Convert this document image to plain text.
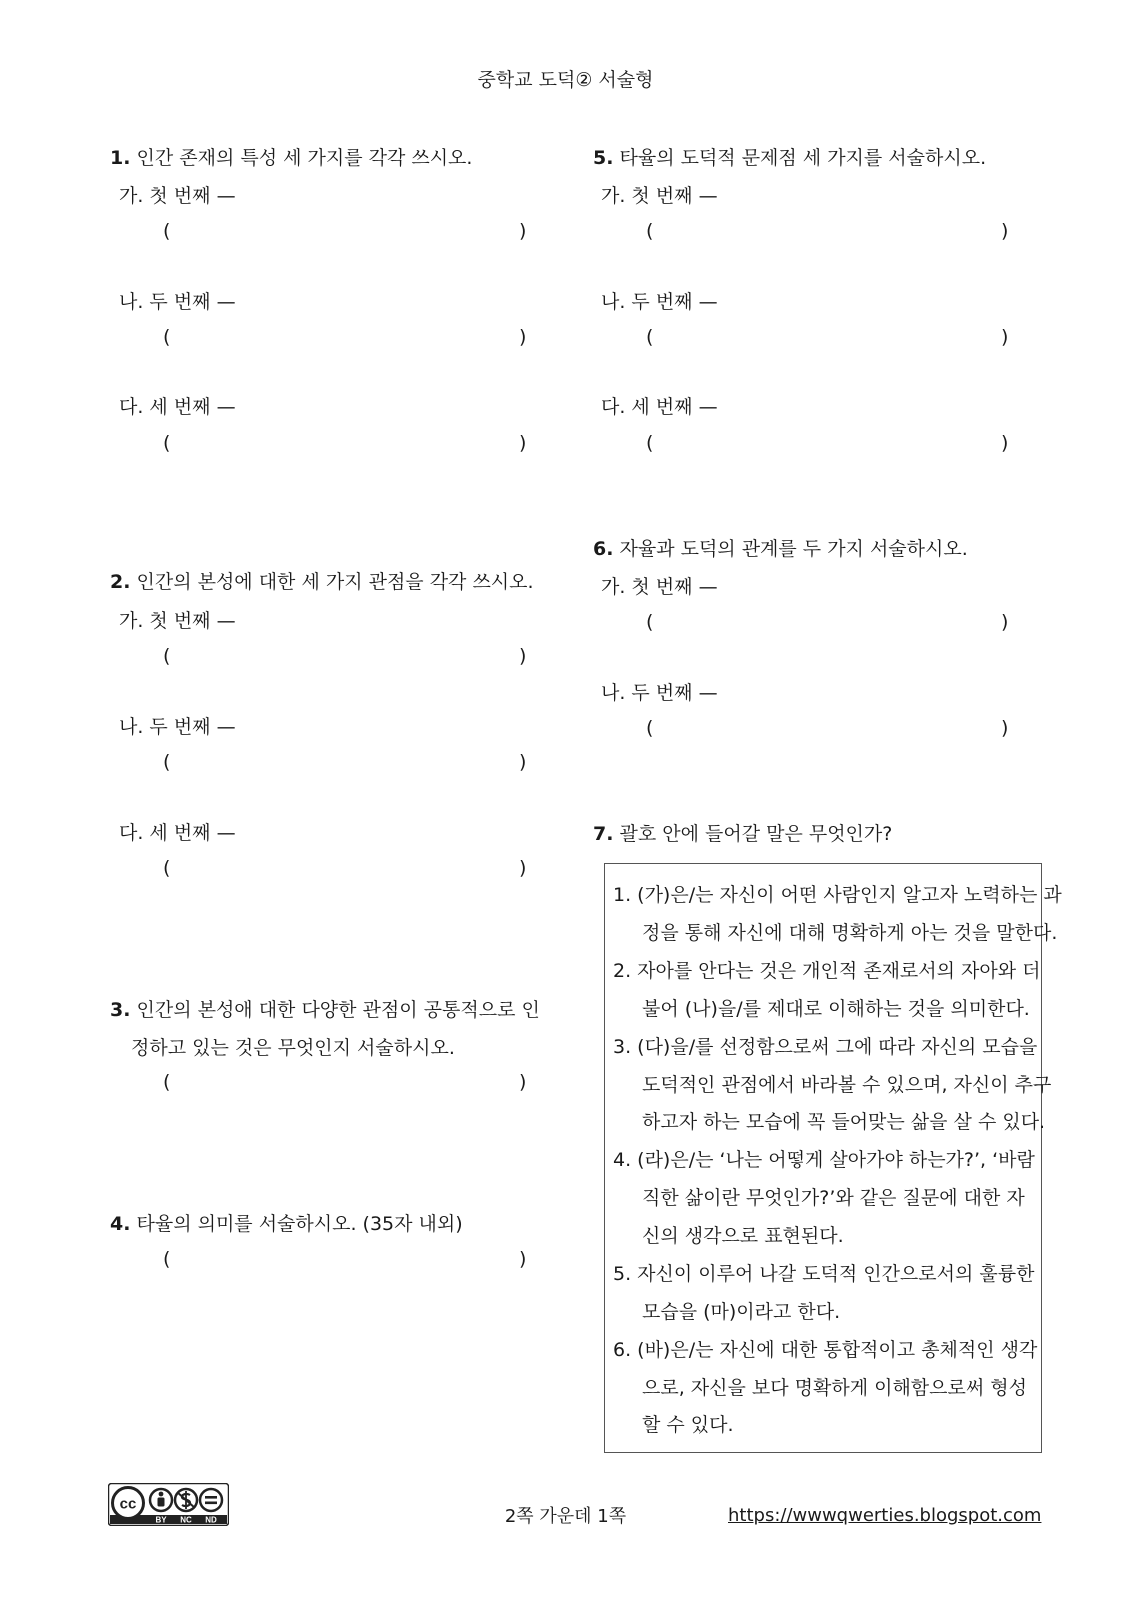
중학교 도덕② 서술형
1. 인간 존재의 특성 세 가지를 각각 쓰시오.
가. 첫 번째 —
(	)
나. 두 번째 —
(	)
다. 세 번째 —
(	)
2. 인간의 본성에 대한 세 가지 관점을 각각 쓰시오.
가. 첫 번째 —
(	)
나. 두 번째 —
(	)
다. 세 번째 —
(	)
3. 인간의 본성애 대한 다양한 관점이 공통적으로 인
정하고 있는 것은 무엇인지 서술하시오.
(	)
4. 타율의 의미를 서술하시오. (35자 내외)
(	)
5. 타율의 도덕적 문제점 세 가지를 서술하시오.
가. 첫 번째 —
(	)
나. 두 번째 —
(	)
다. 세 번째 —
(	)
6. 자율과 도덕의 관계를 두 가지 서술하시오.
가. 첫 번째 —
(	)
나. 두 번째 —
(	)
7. 괄호 안에 들어갈 말은 무엇인가?
1. (가)은/는 자신이 어떤 사람인지 알고자 노력하는 과
정을 통해 자신에 대해 명확하게 아는 것을 말한다.
2. 자아를 안다는 것은 개인적 존재로서의 자아와 더
불어 (나)을/를 제대로 이해하는 것을 의미한다.
3. (다)을/를 선정함으로써 그에 따라 자신의 모습을
도덕적인 관점에서 바라볼 수 있으며, 자신이 추구
하고자 하는 모습에 꼭 들어맞는 삶을 살 수 있다.
4. (라)은/는 ‘나는 어떻게 살아가야 하는가?’, ‘바람
직한 삶이란 무엇인가?’와 같은 질문에 대한 자
신의 생각으로 표현된다.
5. 자신이 이루어 나갈 도덕적 인간으로서의 훌륭한
모습을 (마)이라고 한다.
6. (바)은/는 자신에 대한 통합적이고 총체적인 생각
으로, 자신을 보다 명확하게 이해함으로써 형성
할 수 있다.
cc
BY NC ND	2쪽 가운데 1쪽	https://wwwqwerties.blogspot.com
